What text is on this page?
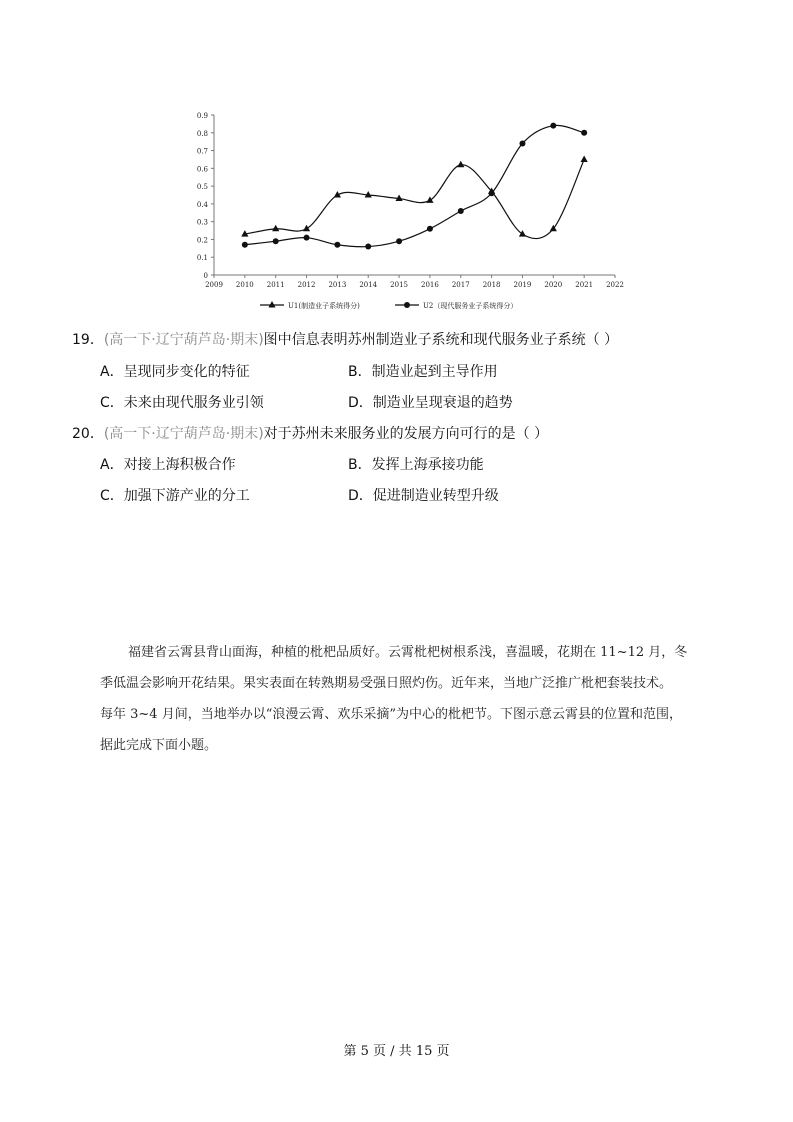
0
0.1
0.2
0.3
0.4
0.5
0.6
0.7
0.8
0.9
2009 2010 2011 2012 2013 2014 2015 2016 2017 2018 2019 2020 2021 2022
U1(制造业子系统得分)	U2（现代服务业子系统得分）
19．(高一下·辽宁葫芦岛·期末)图中信息表明苏州制造业子系统和现代服务业子系统（ ）
A．呈现同步变化的特征	B．制造业起到主导作用
C．未来由现代服务业引领	D．制造业呈现衰退的趋势
20．(高一下·辽宁葫芦岛·期末)对于苏州未来服务业的发展方向可行的是（ ）
A．对接上海积极合作	B．发挥上海承接功能
C．加强下游产业的分工	D．促进制造业转型升级

福建省云霄县背山面海，种植的枇杷品质好。云霄枇杷树根系浅，喜温暖，花期在 11~12 月，冬

季低温会影响开花结果。果实表面在转熟期易受强日照灼伤。近年来，当地广泛推广枇杷套装技术。
每年 3~4 月间，当地举办以“浪漫云霄、欢乐采摘”为中心的枇杷节。下图示意云霄县的位置和范围，
据此完成下面小题。
第 5 页 / 共 15 页
